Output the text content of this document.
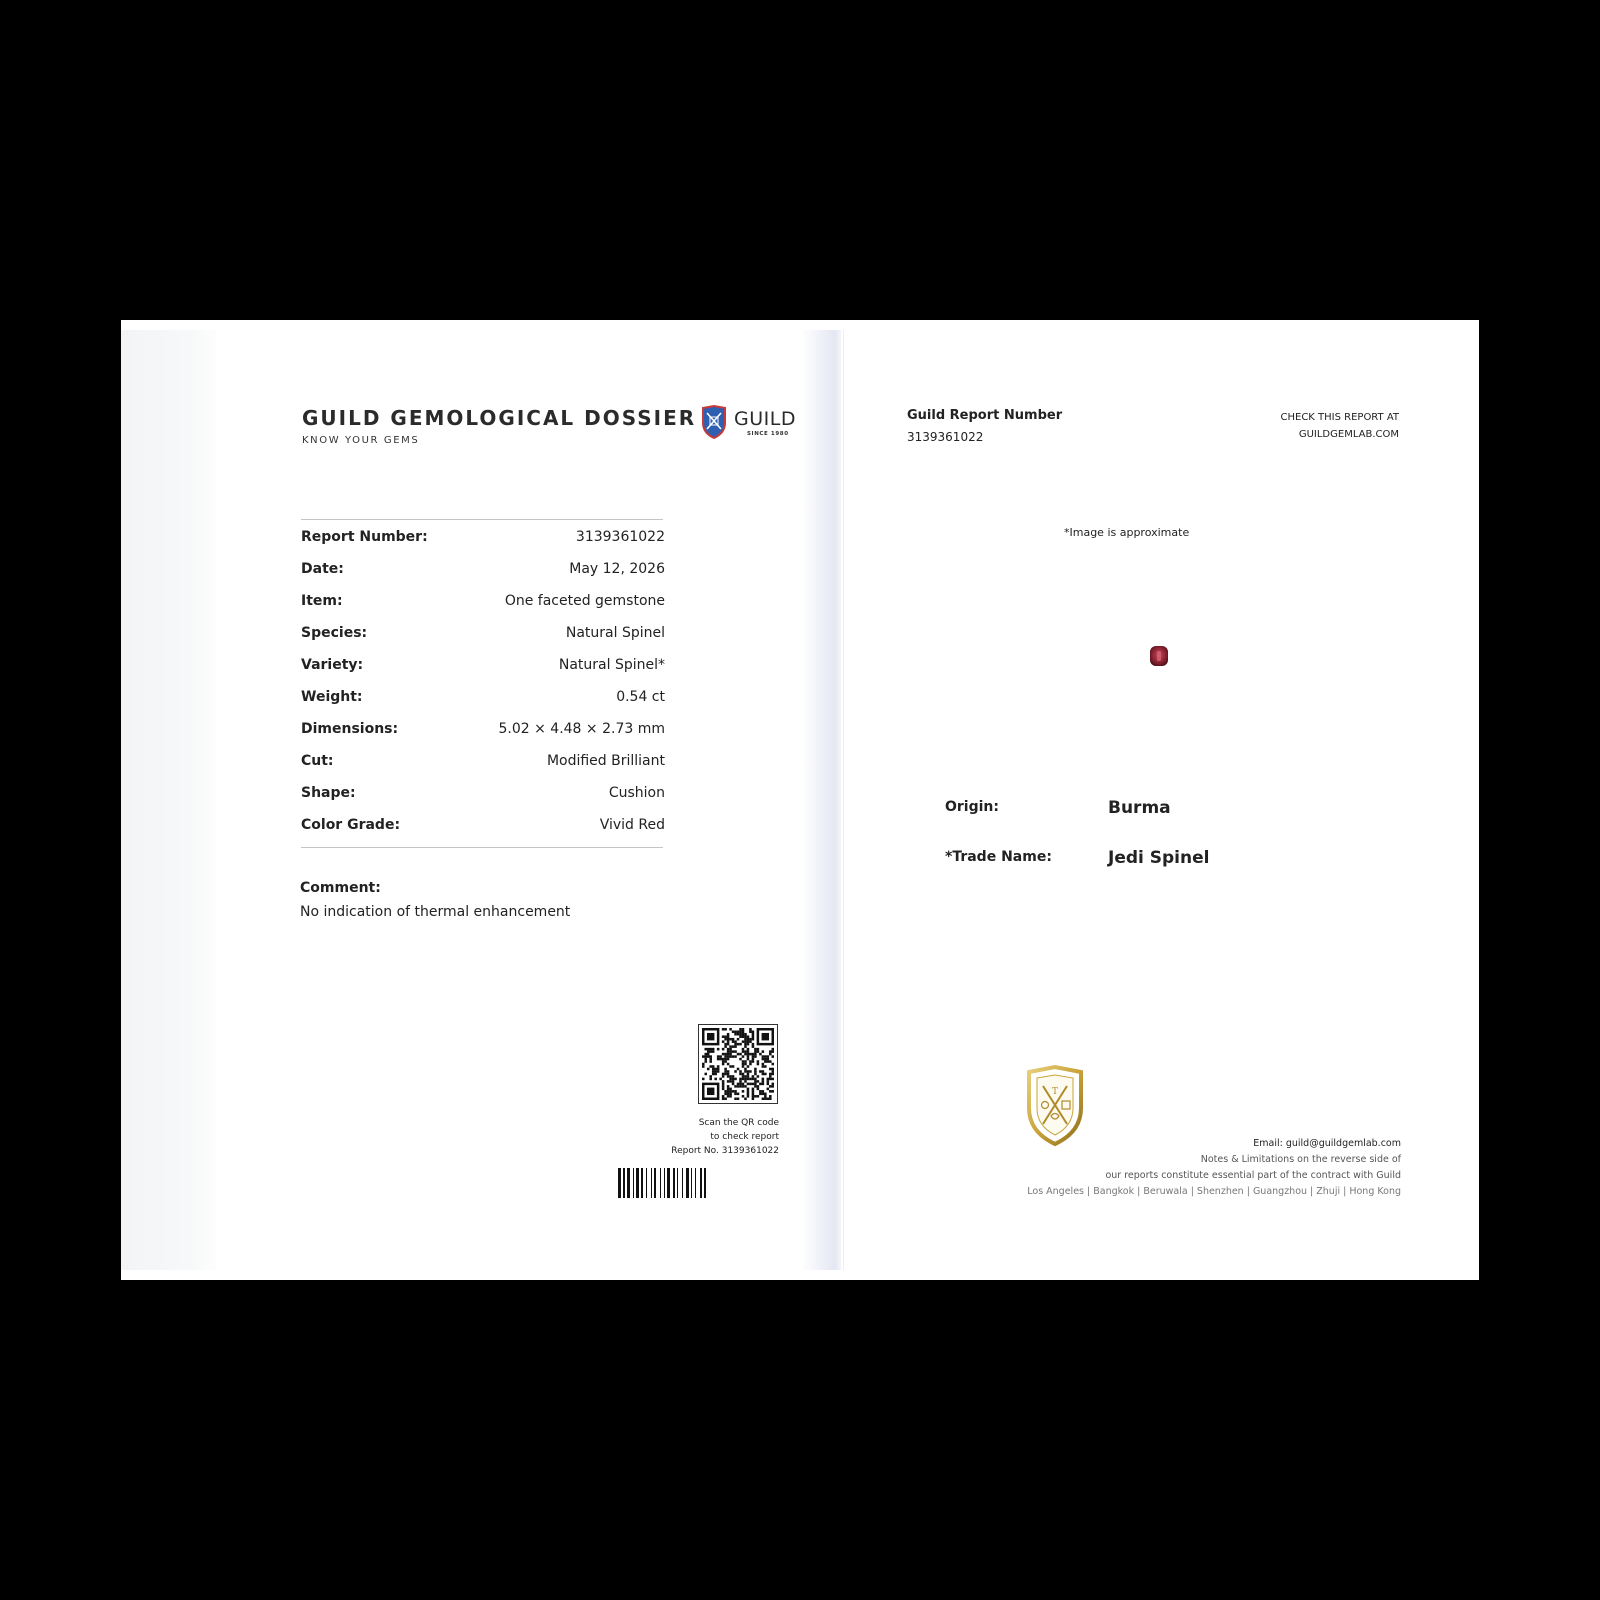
GUILD GEMOLOGICAL DOSSIER
KNOW YOUR GEMS
GUILD
SINCE 1980
Report Number:	3139361022
Date:	May 12, 2026
Item:	One faceted gemstone
Species:	Natural Spinel
Variety:	Natural Spinel*
Weight:	0.54 ct
Dimensions:	5.02 × 4.48 × 2.73 mm
Cut:	Modified Brilliant
Shape:	Cushion
Color Grade:	Vivid Red
Comment:
No indication of thermal enhancement
Scan the QR code
to check report
Report No. 3139361022
Guild Report Number
3139361022
CHECK THIS REPORT AT
GUILDGEMLAB.COM
*Image is approximate
Origin:	Burma
*Trade Name:	Jedi Spinel
T
Email: guild@guildgemlab.com
Notes & Limitations on the reverse side of
our reports constitute essential part of the contract with Guild
Los Angeles | Bangkok | Beruwala | Shenzhen | Guangzhou | Zhuji | Hong Kong
